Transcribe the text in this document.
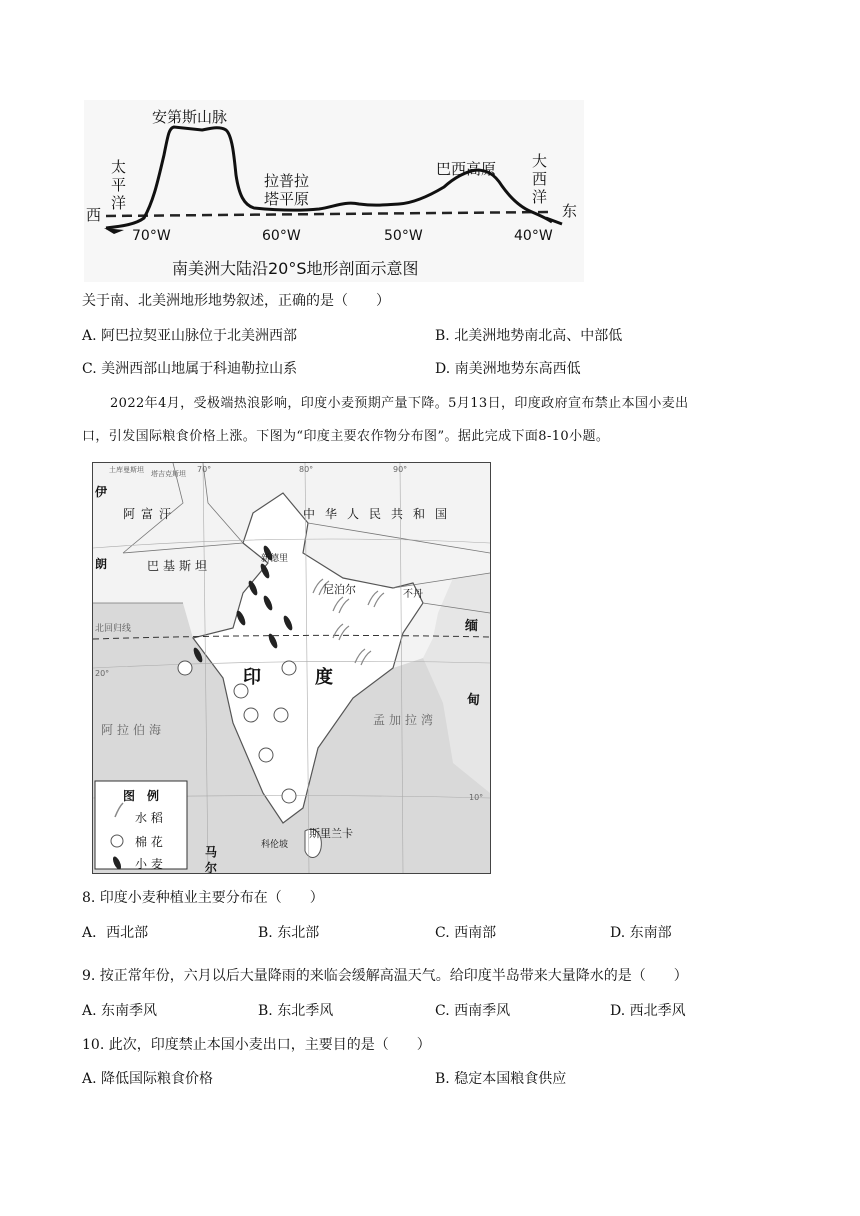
安第斯山脉
太平洋
拉普拉
塔平原
巴西高原 大西洋
西	东
70°W	60°W	50°W	40°W
南美洲大陆沿20°S地形剖面示意图
关于南、北美洲地形地势叙述，正确的是（　　）
A. 阿巴拉契亚山脉位于北美洲西部	B. 北美洲地势南北高、中部低
C. 美洲西部山地属于科迪勒拉山系	D. 南美洲地势东高西低
2022年4月，受极端热浪影响，印度小麦预期产量下降。5月13日，印度政府宣布禁止本国小麦出
口，引发国际粮食价格上涨。下图为“印度主要农作物分布图”。据此完成下面8-10小题。
阿富汗
巴基斯坦
中华人民共和国
尼泊尔	不丹
印	度
缅
甸
斯里兰卡
伊
朗
马
尔
新德里
科伦坡
阿拉伯海
孟加拉湾
北回归线
土库曼斯坦 塔吉克斯坦 70°	80°	90°
20°
10°
图　例
水 稻
棉 花
小 麦
8. 印度小麦种植业主要分布在（　　）
A．西北部	B. 东北部	C. 西南部	D. 东南部
9. 按正常年份，六月以后大量降雨的来临会缓解高温天气。给印度半岛带来大量降水的是（　　）
A. 东南季风	B. 东北季风	C. 西南季风	D. 西北季风
10. 此次，印度禁止本国小麦出口，主要目的是（　　）
A. 降低国际粮食价格	B. 稳定本国粮食供应
